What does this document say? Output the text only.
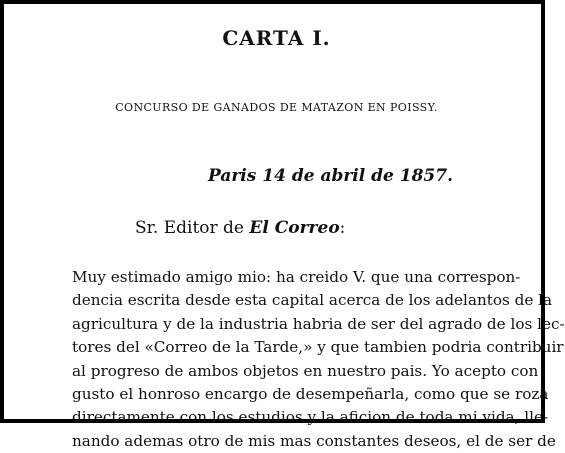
CARTA I.
CONCURSO DE GANADOS DE MATAZON EN POISSY.
Paris 14 de abril de 1857.
Sr. Editor de El Correo:
Muy estimado amigo mio: ha creido V. que una correspon-
dencia escrita desde esta capital acerca de los adelantos de la
agricultura y de la industria habria de ser del agrado de los lec-
tores del «Correo de la Tarde,» y que tambien podria contribuir
al progreso de ambos objetos en nuestro pais. Yo acepto con
gusto el honroso encargo de desempeñarla, como que se roza
directamente con los estudios y la aficion de toda mi vida, lle-
nando ademas otro de mis mas constantes deseos, el de ser de
